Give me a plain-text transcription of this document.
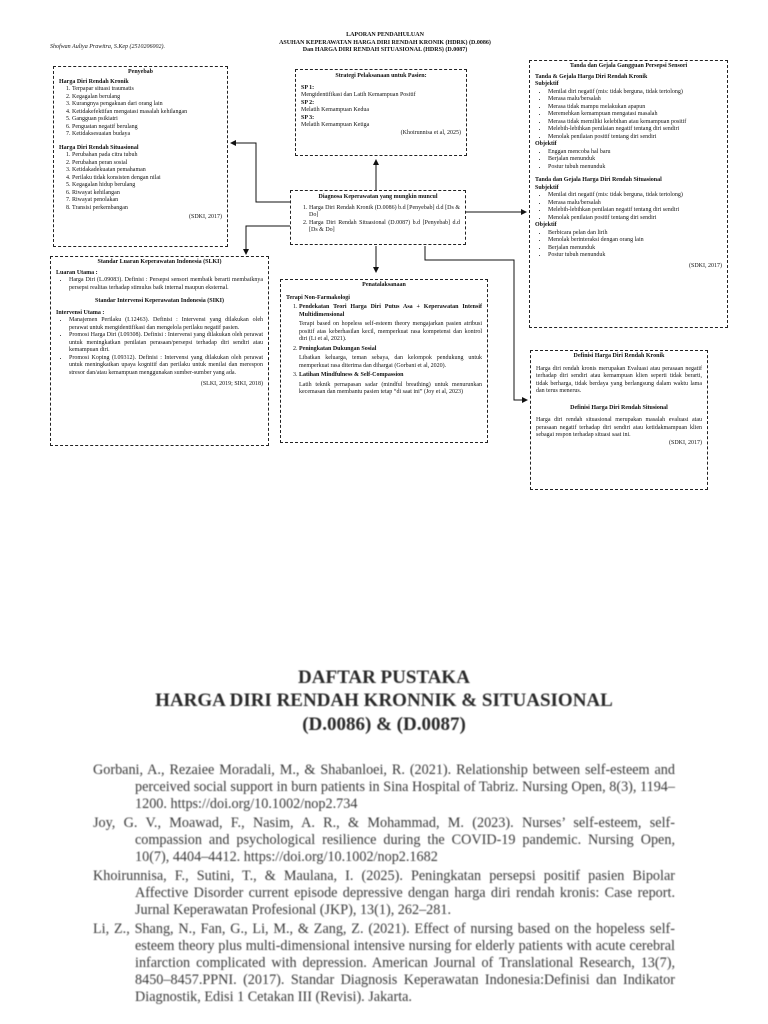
LAPORAN PENDAHULUAN
ASUHAN KEPERAWATAN HARGA DIRI RENDAH KRONIK (HDRK) (D.0086)
Dan HARGA DIRI RENDAH SITUASIONAL (HDRS) (D.0087)
Shofwan Auliya Prawitra, S.Kep (2510206002).
Penyebab
Harga Diri Rendah Kronik
1. Terpapar situasi traumatis
2. Kegagalan berulang
3. Kurangnya pengakuan dari orang lain
4. Ketidakefektifan mengatasi masalah kehilangan
5. Gangguan psikiatri
6. Penguatan negatif berulang
7. Ketidaksesuaian budaya
Harga Diri Rendah Situasional
1. Perubahan pada citra tubuh
2. Perubahan peran sosial
3. Ketidakadekuatan pemahaman
4. Perilaku tidak konsisten dengan nilai
5. Kegagalan hidup berulang
6. Riwayat kehilangan
7. Riwayat penolakan
8. Transisi perkembangan
(SDKI, 2017)
Strategi Pelaksanaan untuk Pasien:
SP 1:
Mengidentifikasi dan Latih Kemampuan Positif
SP 2:
Melatih Kemampuan Kedua
SP 3:
Melatih Kemampuan Ketiga
(Khoirunnisa et al, 2025)
Diagnosa Keperawatan yang mungkin muncul
1. Harga Diri Rendah Kronik (D.0086) b.d [Penyebab] d.d [Ds & Do]
2. Harga Diri Rendah Situasional (D.0087) b.d [Penyebab] d.d [Ds & Do]
Tanda dan Gejala Gangguan Persepsi Sensori
Tanda & Gejala Harga Diri Rendah Kronik
Subjektif
• Menilai diri negatif (mis: tidak berguna, tidak tertolong)
• Merasa malu/bersalah
• Merasa tidak mampu melakukan apapun
• Meremehkan kemampuan mengatasi masalah
• Merasa tidak memiliki kelebihan atau kemampuan positif
• Melebih-lebihkan penilaian negatif tentang diri sendiri
• Menolak penilaian positif tentang diri sendiri
Objektif
• Enggan mencoba hal baru
• Berjalan menunduk
• Postur tubuh menunduk
Tanda dan Gejala Harga Diri Rendah Situasional
Subjektif
• Menilai diri negatif (mis: tidak berguna, tidak tertolong)
• Merasa malu/bersalah
• Melebih-lebihkan penilaian negatif tentang diri sendiri
• Menolak penilaian positif tentang diri sendiri
Objektif
• Berbicara pelan dan lirih
• Menolak berinteraksi dengan orang lain
• Berjalan menunduk
• Postur tubuh menunduk
(SDKI, 2017)
Standar Luaran Keperawatan Indonesia (SLKI)
Luaran Utama :
• Harga Diri (L.09083). Definisi : Persepsi sensori membaik berarti membaiknya persepsi realitas terhadap stimulus baik internal maupun eksternal.
Standar Intervensi Keperawatan Indonesia (SIKI)
Intervensi Utama :
• Manajemen Perilaku (I.12463). Definisi : Intervensi yang dilakukan oleh perawat untuk mengidentifikasi dan mengelola perilaku negatif pasien.
• Promosi Harga Diri (I.09308). Definisi : Intervensi yang dilakukan oleh perawat untuk meningkatkan penilaian perasaan/persepsi terhadap diri sendiri atau kemampuan diri.
• Promosi Koping (I.09312). Definisi : Intervensi yang dilakukan oleh perawat untuk meningkatkan upaya kognitif dan perilaku untuk menilai dan merespon stresor dan/atau kemampuan menggunakan sumber-sumber yang ada.
(SLKI, 2019; SIKI, 2018)
Penatalaksanaan
Terapi Non-Farmakologi
1. Pendekatan Teori Harga Diri Putus Asa + Keperawatan Intensif Multidimensional
Terapi based on hopeless self-esteem theory mengajarkan pasien atribusi positif atas keberhasilan kecil, memperkuat rasa kompetensi dan kontrol diri (Li et al, 2021).
2. Peningkatan Dukungan Sosial
Libatkan keluarga, teman sebaya, dan kelompok pendukung untuk memperkuat rasa diterima dan dihargai (Gorbani et al, 2020).
3. Latihan Mindfulness & Self-Compassion
Latih teknik pernapasan sadar (mindful breathing) untuk menurunkan kecemasan dan membantu pasien tetap “di saat ini” (Joy et al, 2023)
Definisi Harga Diri Rendah Kronik
Harga diri rendah kronis merupakan Evaluasi atau perasaan negatif terhadap diri sendiri atau kemampuan klien seperti tidak berarti, tidak berharga, tidak berdaya yang berlangsung dalam waktu lama dan terus menerus.
Definisi Harga Diri Rendah Situsional
Harga diri rendah situasional merupakan masalah evaluasi atau perasaan negatif terhadap diri sendiri atau ketidakmampuan klien sebagai respon terhadap situasi saat ini.
(SDKI, 2017)
DAFTAR PUSTAKA
HARGA DIRI RENDAH KRONNIK & SITUASIONAL
(D.0086) & (D.0087)
Gorbani, A., Rezaiee Moradali, M., & Shabanloei, R. (2021). Relationship between self-esteem and perceived social support in burn patients in Sina Hospital of Tabriz. Nursing Open, 8(3), 1194–1200. https://doi.org/10.1002/nop2.734
Joy, G. V., Moawad, F., Nasim, A. R., & Mohammad, M. (2023). Nurses’ self-esteem, self-compassion and psychological resilience during the COVID-19 pandemic. Nursing Open, 10(7), 4404–4412. https://doi.org/10.1002/nop2.1682
Khoirunnisa, F., Sutini, T., & Maulana, I. (2025). Peningkatan persepsi positif pasien Bipolar Affective Disorder current episode depressive dengan harga diri rendah kronis: Case report. Jurnal Keperawatan Profesional (JKP), 13(1), 262–281.
Li, Z., Shang, N., Fan, G., Li, M., & Zang, Z. (2021). Effect of nursing based on the hopeless self-esteem theory plus multi-dimensional intensive nursing for elderly patients with acute cerebral infarction complicated with depression. American Journal of Translational Research, 13(7), 8450–8457.PPNI. (2017). Standar Diagnosis Keperawatan Indonesia:Definisi dan Indikator Diagnostik, Edisi 1 Cetakan III (Revisi). Jakarta.
